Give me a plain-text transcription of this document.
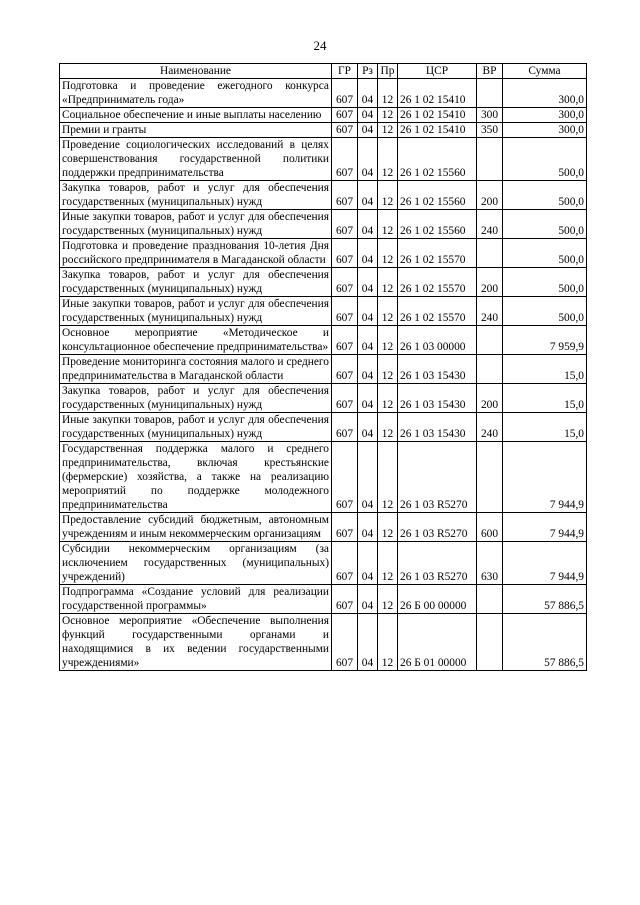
24
Наименование	ГР	Рз	Пр	ЦСР	ВР	Сумма
Подготовка и проведение ежегодного конкурса «Предприниматель года»	607	04	12	26 1 02 15410		300,0
Социальное обеспечение и иные выплаты населению	607	04	12	26 1 02 15410	300	300,0
Премии и гранты	607	04	12	26 1 02 15410	350	300,0
Проведение социологических исследований в целях совершенствования государственной политики поддержки предпринимательства	607	04	12	26 1 02 15560		500,0
Закупка товаров, работ и услуг для обеспечения государственных (муниципальных) нужд	607	04	12	26 1 02 15560	200	500,0
Иные закупки товаров, работ и услуг для обеспечения государственных (муниципальных) нужд	607	04	12	26 1 02 15560	240	500,0
Подготовка и проведение празднования 10-летия Дня российского предпринимателя в Магаданской области	607	04	12	26 1 02 15570		500,0
Закупка товаров, работ и услуг для обеспечения государственных (муниципальных) нужд	607	04	12	26 1 02 15570	200	500,0
Иные закупки товаров, работ и услуг для обеспечения государственных (муниципальных) нужд	607	04	12	26 1 02 15570	240	500,0
Основное мероприятие «Методическое и консультационное обеспечение предпринимательства»	607	04	12	26 1 03 00000		7 959,9
Проведение мониторинга состояния малого и среднего предпринимательства в Магаданской области	607	04	12	26 1 03 15430		15,0
Закупка товаров, работ и услуг для обеспечения государственных (муниципальных) нужд	607	04	12	26 1 03 15430	200	15,0
Иные закупки товаров, работ и услуг для обеспечения государственных (муниципальных) нужд	607	04	12	26 1 03 15430	240	15,0
Государственная поддержка малого и среднего предпринимательства, включая крестьянские (фермерские) хозяйства, а также на реализацию мероприятий по поддержке молодежного предпринимательства	607	04	12	26 1 03 R5270		7 944,9
Предоставление субсидий бюджетным, автономным учреждениям и иным некоммерческим организациям	607	04	12	26 1 03 R5270	600	7 944,9
Субсидии некоммерческим организациям (за исключением государственных (муниципальных) учреждений)	607	04	12	26 1 03 R5270	630	7 944,9
Подпрограмма «Создание условий для реализации государственной программы»	607	04	12	26 Б 00 00000		57 886,5
Основное мероприятие «Обеспечение выполнения функций государственными органами и находящимися в их ведении государственными учреждениями»	607	04	12	26 Б 01 00000		57 886,5
